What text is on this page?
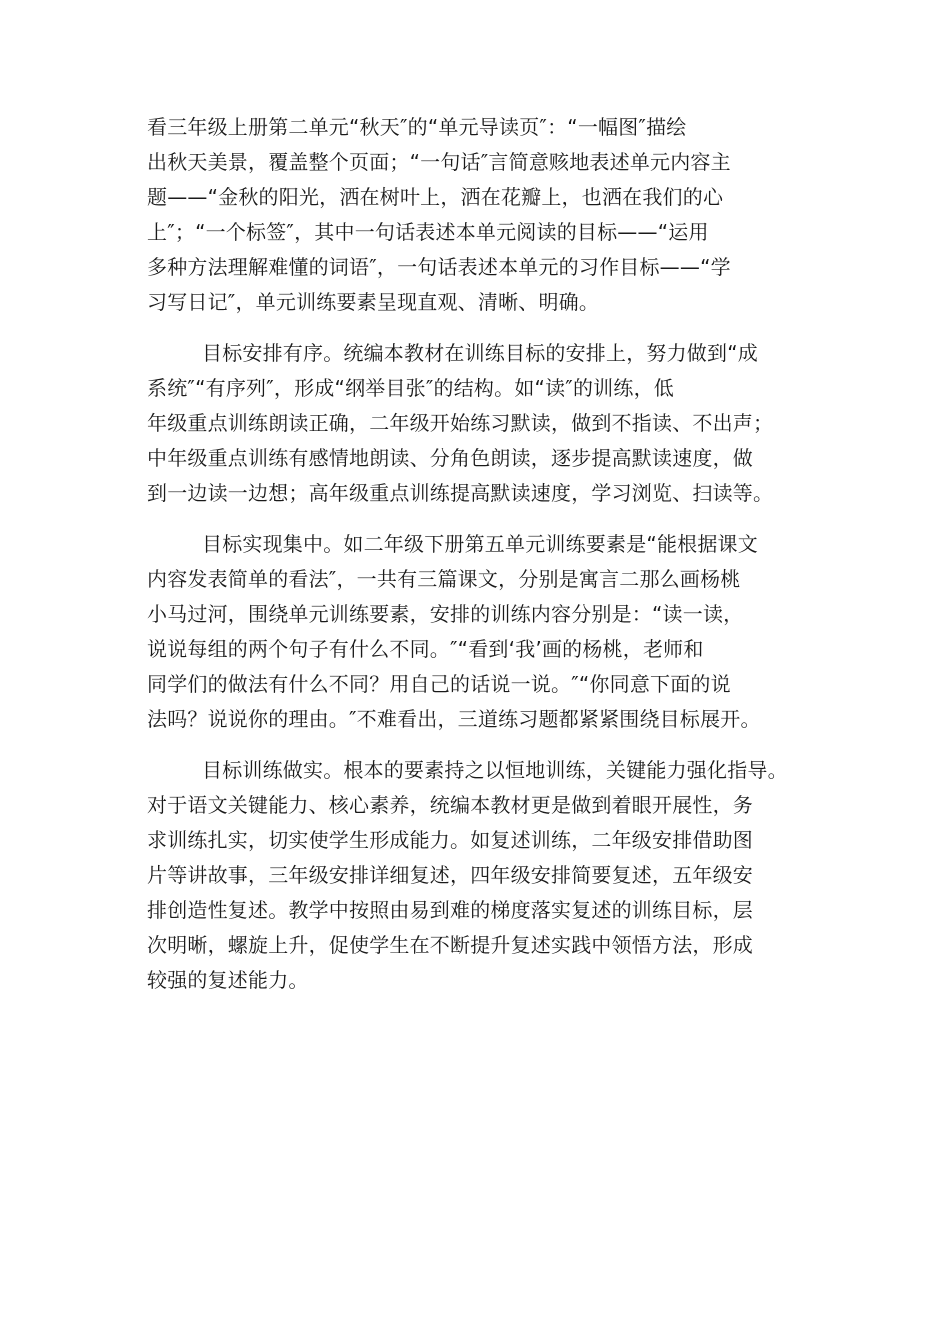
看三年级上册第二单元“秋天″的“单元导读页″：“一幅图″描绘
出秋天美景，覆盖整个页面；“一句话″言简意赅地表述单元内容主
题——“金秋的阳光，洒在树叶上，洒在花瓣上，也洒在我们的心
上″；“一个标签″，其中一句话表述本单元阅读的目标——“运用
多种方法理解难懂的词语″，一句话表述本单元的习作目标——“学
习写日记″，单元训练要素呈现直观、清晰、明确。
目标安排有序。统编本教材在训练目标的安排上，努力做到“成
系统″“有序列″，形成“纲举目张″的结构。如“读″的训练，低
年级重点训练朗读正确，二年级开始练习默读，做到不指读、不出声；
中年级重点训练有感情地朗读、分角色朗读，逐步提高默读速度，做
到一边读一边想；高年级重点训练提高默读速度，学习浏览、扫读等。
目标实现集中。如二年级下册第五单元训练要素是“能根据课文
内容发表简单的看法″，一共有三篇课文，分别是寓言二那么画杨桃
小马过河，围绕单元训练要素，安排的训练内容分别是：“读一读，
说说每组的两个句子有什么不同。″“看到‘我’画的杨桃，老师和
同学们的做法有什么不同？用自己的话说一说。″“你同意下面的说
法吗？说说你的理由。″不难看出，三道练习题都紧紧围绕目标展开。
目标训练做实。根本的要素持之以恒地训练，关键能力强化指导。
对于语文关键能力、核心素养，统编本教材更是做到着眼开展性，务
求训练扎实，切实使学生形成能力。如复述训练，二年级安排借助图
片等讲故事，三年级安排详细复述，四年级安排简要复述，五年级安
排创造性复述。教学中按照由易到难的梯度落实复述的训练目标，层
次明晰，螺旋上升，促使学生在不断提升复述实践中领悟方法，形成
较强的复述能力。
